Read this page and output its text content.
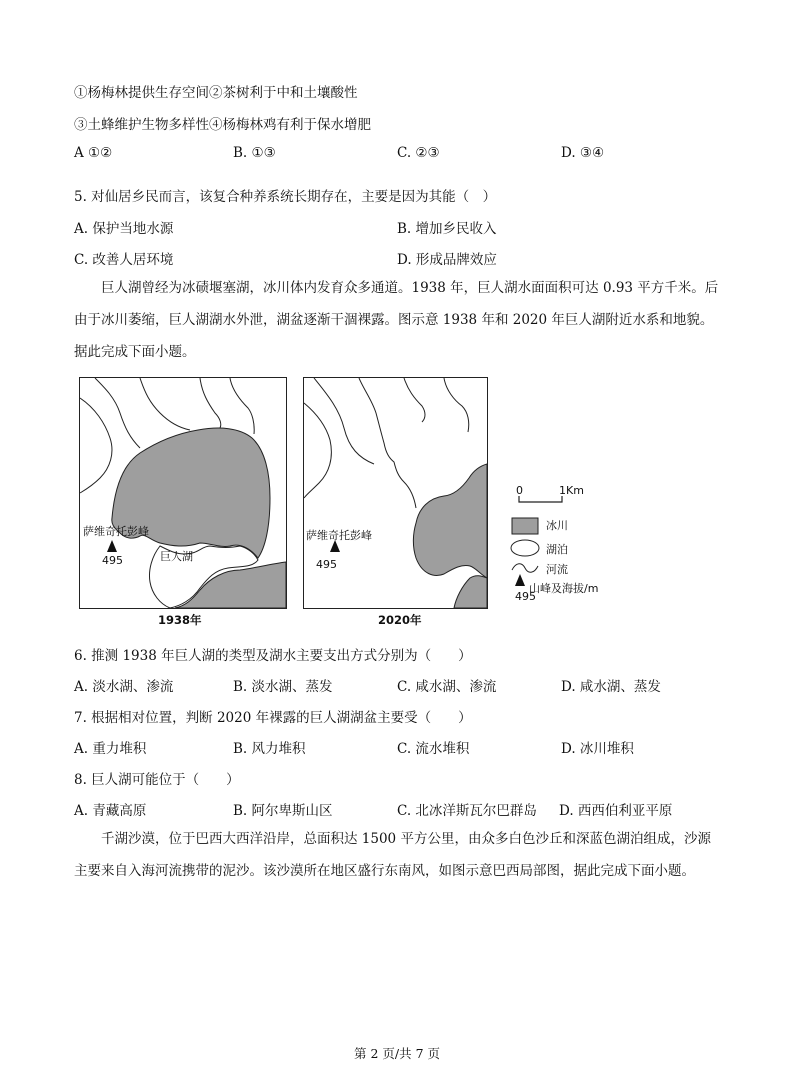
①杨梅林提供生存空间②茶树利于中和土壤酸性
③土蜂维护生物多样性④杨梅林鸡有利于保水增肥
A ①②	B. ①③	C. ②③	D. ③④
5. 对仙居乡民而言，该复合种养系统长期存在，主要是因为其能（　）
A. 保护当地水源	B. 增加乡民收入
C. 改善人居环境	D. 形成品牌效应
巨人湖曾经为冰碛堰塞湖，冰川体内发育众多通道。1938 年，巨人湖水面面积可达 0.93 平方千米。后由于冰川萎缩，巨人湖湖水外泄，湖盆逐渐干涸裸露。图示意 1938 年和 2020 年巨人湖附近水系和地貌。据此完成下面小题。
萨维奇托彭峰
495	巨人湖
1938年
萨维奇托彭峰
495
2020年
0	1Km
冰川
湖泊
河流
山峰及海拔/m
495
6. 推测 1938 年巨人湖的类型及湖水主要支出方式分别为（　　）
A. 淡水湖、渗流	B. 淡水湖、蒸发	C. 咸水湖、渗流	D. 咸水湖、蒸发
7. 根据相对位置，判断 2020 年裸露的巨人湖湖盆主要受（　　）
A. 重力堆积	B. 风力堆积	C. 流水堆积	D. 冰川堆积
8. 巨人湖可能位于（　　）
A. 青藏高原	B. 阿尔卑斯山区	C. 北冰洋斯瓦尔巴群岛 D. 西西伯利亚平原
千湖沙漠，位于巴西大西洋沿岸，总面积达 1500 平方公里，由众多白色沙丘和深蓝色湖泊组成，沙源主要来自入海河流携带的泥沙。该沙漠所在地区盛行东南风，如图示意巴西局部图，据此完成下面小题。
第 2 页/共 7 页
